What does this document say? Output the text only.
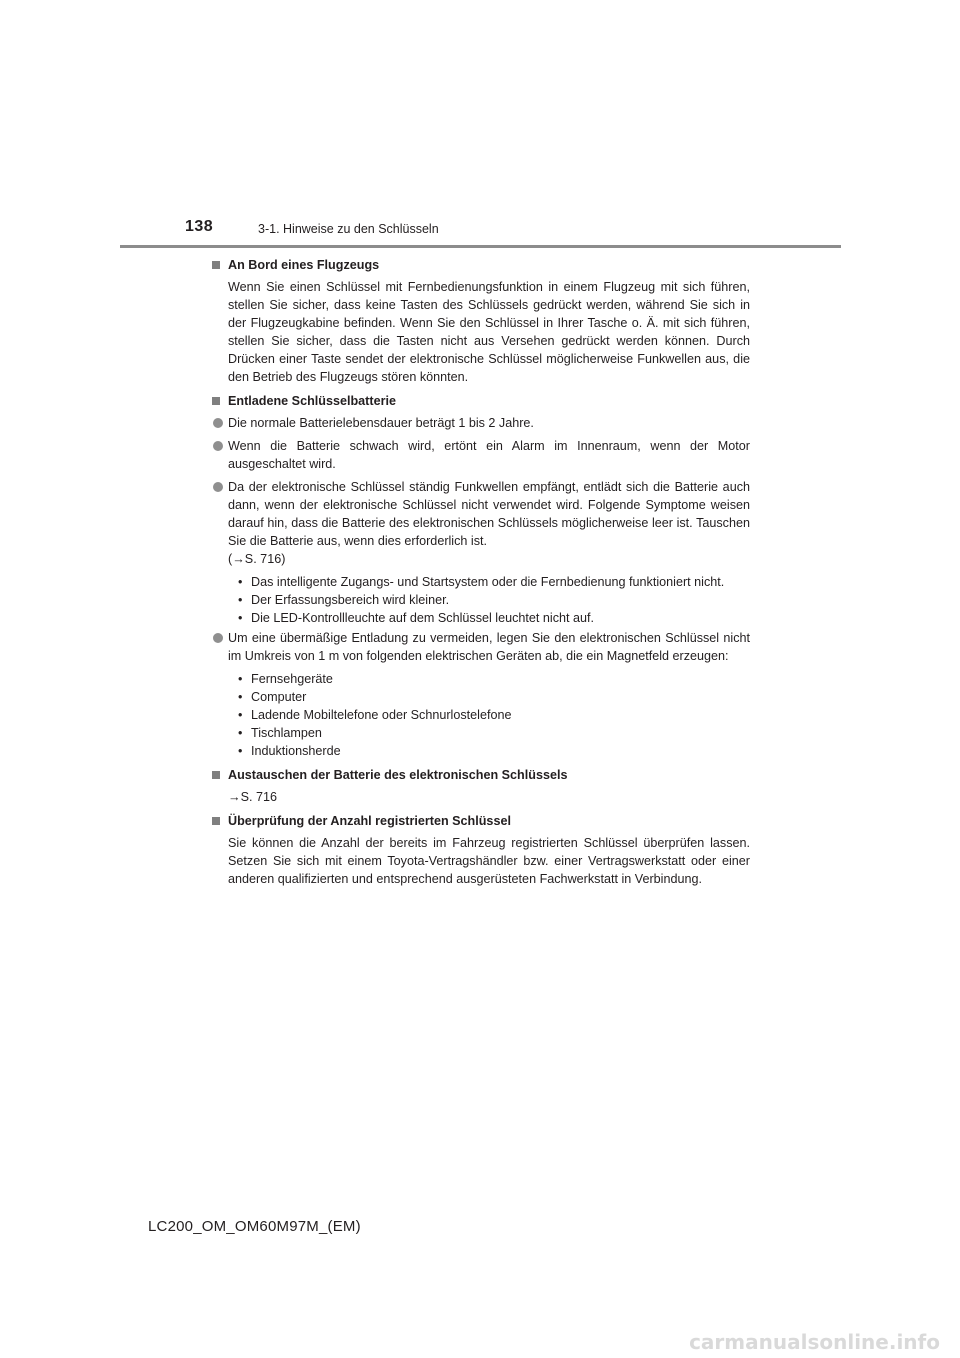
138	3-1. Hinweise zu den Schlüsseln
An Bord eines Flugzeugs

Wenn Sie einen Schlüssel mit Fernbedienungsfunktion in einem Flugzeug mit sich führen, stellen Sie sicher, dass keine Tasten des Schlüssels gedrückt werden, während Sie sich in der Flugzeugkabine befinden. Wenn Sie den Schlüssel in Ihrer Tasche o. Ä. mit sich führen, stellen Sie sicher, dass die Tasten nicht aus Versehen gedrückt werden können. Durch Drücken einer Taste sendet der elektronische Schlüssel möglicherweise Funkwellen aus, die den Betrieb des Flugzeugs stören könnten.

Entladene Schlüsselbatterie
Die normale Batterielebensdauer beträgt 1 bis 2 Jahre.
Wenn die Batterie schwach wird, ertönt ein Alarm im Innenraum, wenn der Motor ausgeschaltet wird.
Da der elektronische Schlüssel ständig Funkwellen empfängt, entlädt sich die Batterie auch dann, wenn der elektronische Schlüssel nicht verwendet wird. Folgende Symptome weisen darauf hin, dass die Batterie des elektronischen Schlüssels möglicherweise leer ist. Tauschen Sie die Batterie aus, wenn dies erforderlich ist.
(→S. 716)
• Das intelligente Zugangs- und Startsystem oder die Fernbedienung funktioniert nicht.
• Der Erfassungsbereich wird kleiner.
• Die LED-Kontrollleuchte auf dem Schlüssel leuchtet nicht auf.
Um eine übermäßige Entladung zu vermeiden, legen Sie den elektronischen Schlüssel nicht im Umkreis von 1 m von folgenden elektrischen Geräten ab, die ein Magnetfeld erzeugen:
• Fernsehgeräte
• Computer
• Ladende Mobiltelefone oder Schnurlostelefone
• Tischlampen
• Induktionsherde
Austauschen der Batterie des elektronischen Schlüssels
→S. 716
Überprüfung der Anzahl registrierten Schlüssel

Sie können die Anzahl der bereits im Fahrzeug registrierten Schlüssel überprüfen lassen. Setzen Sie sich mit einem Toyota-Vertragshändler bzw. einer Vertragswerkstatt oder einer anderen qualifizierten und entsprechend ausgerüsteten Fachwerkstatt in Verbindung.

LC200_OM_OM60M97M_(EM)
carmanualsonline.info
